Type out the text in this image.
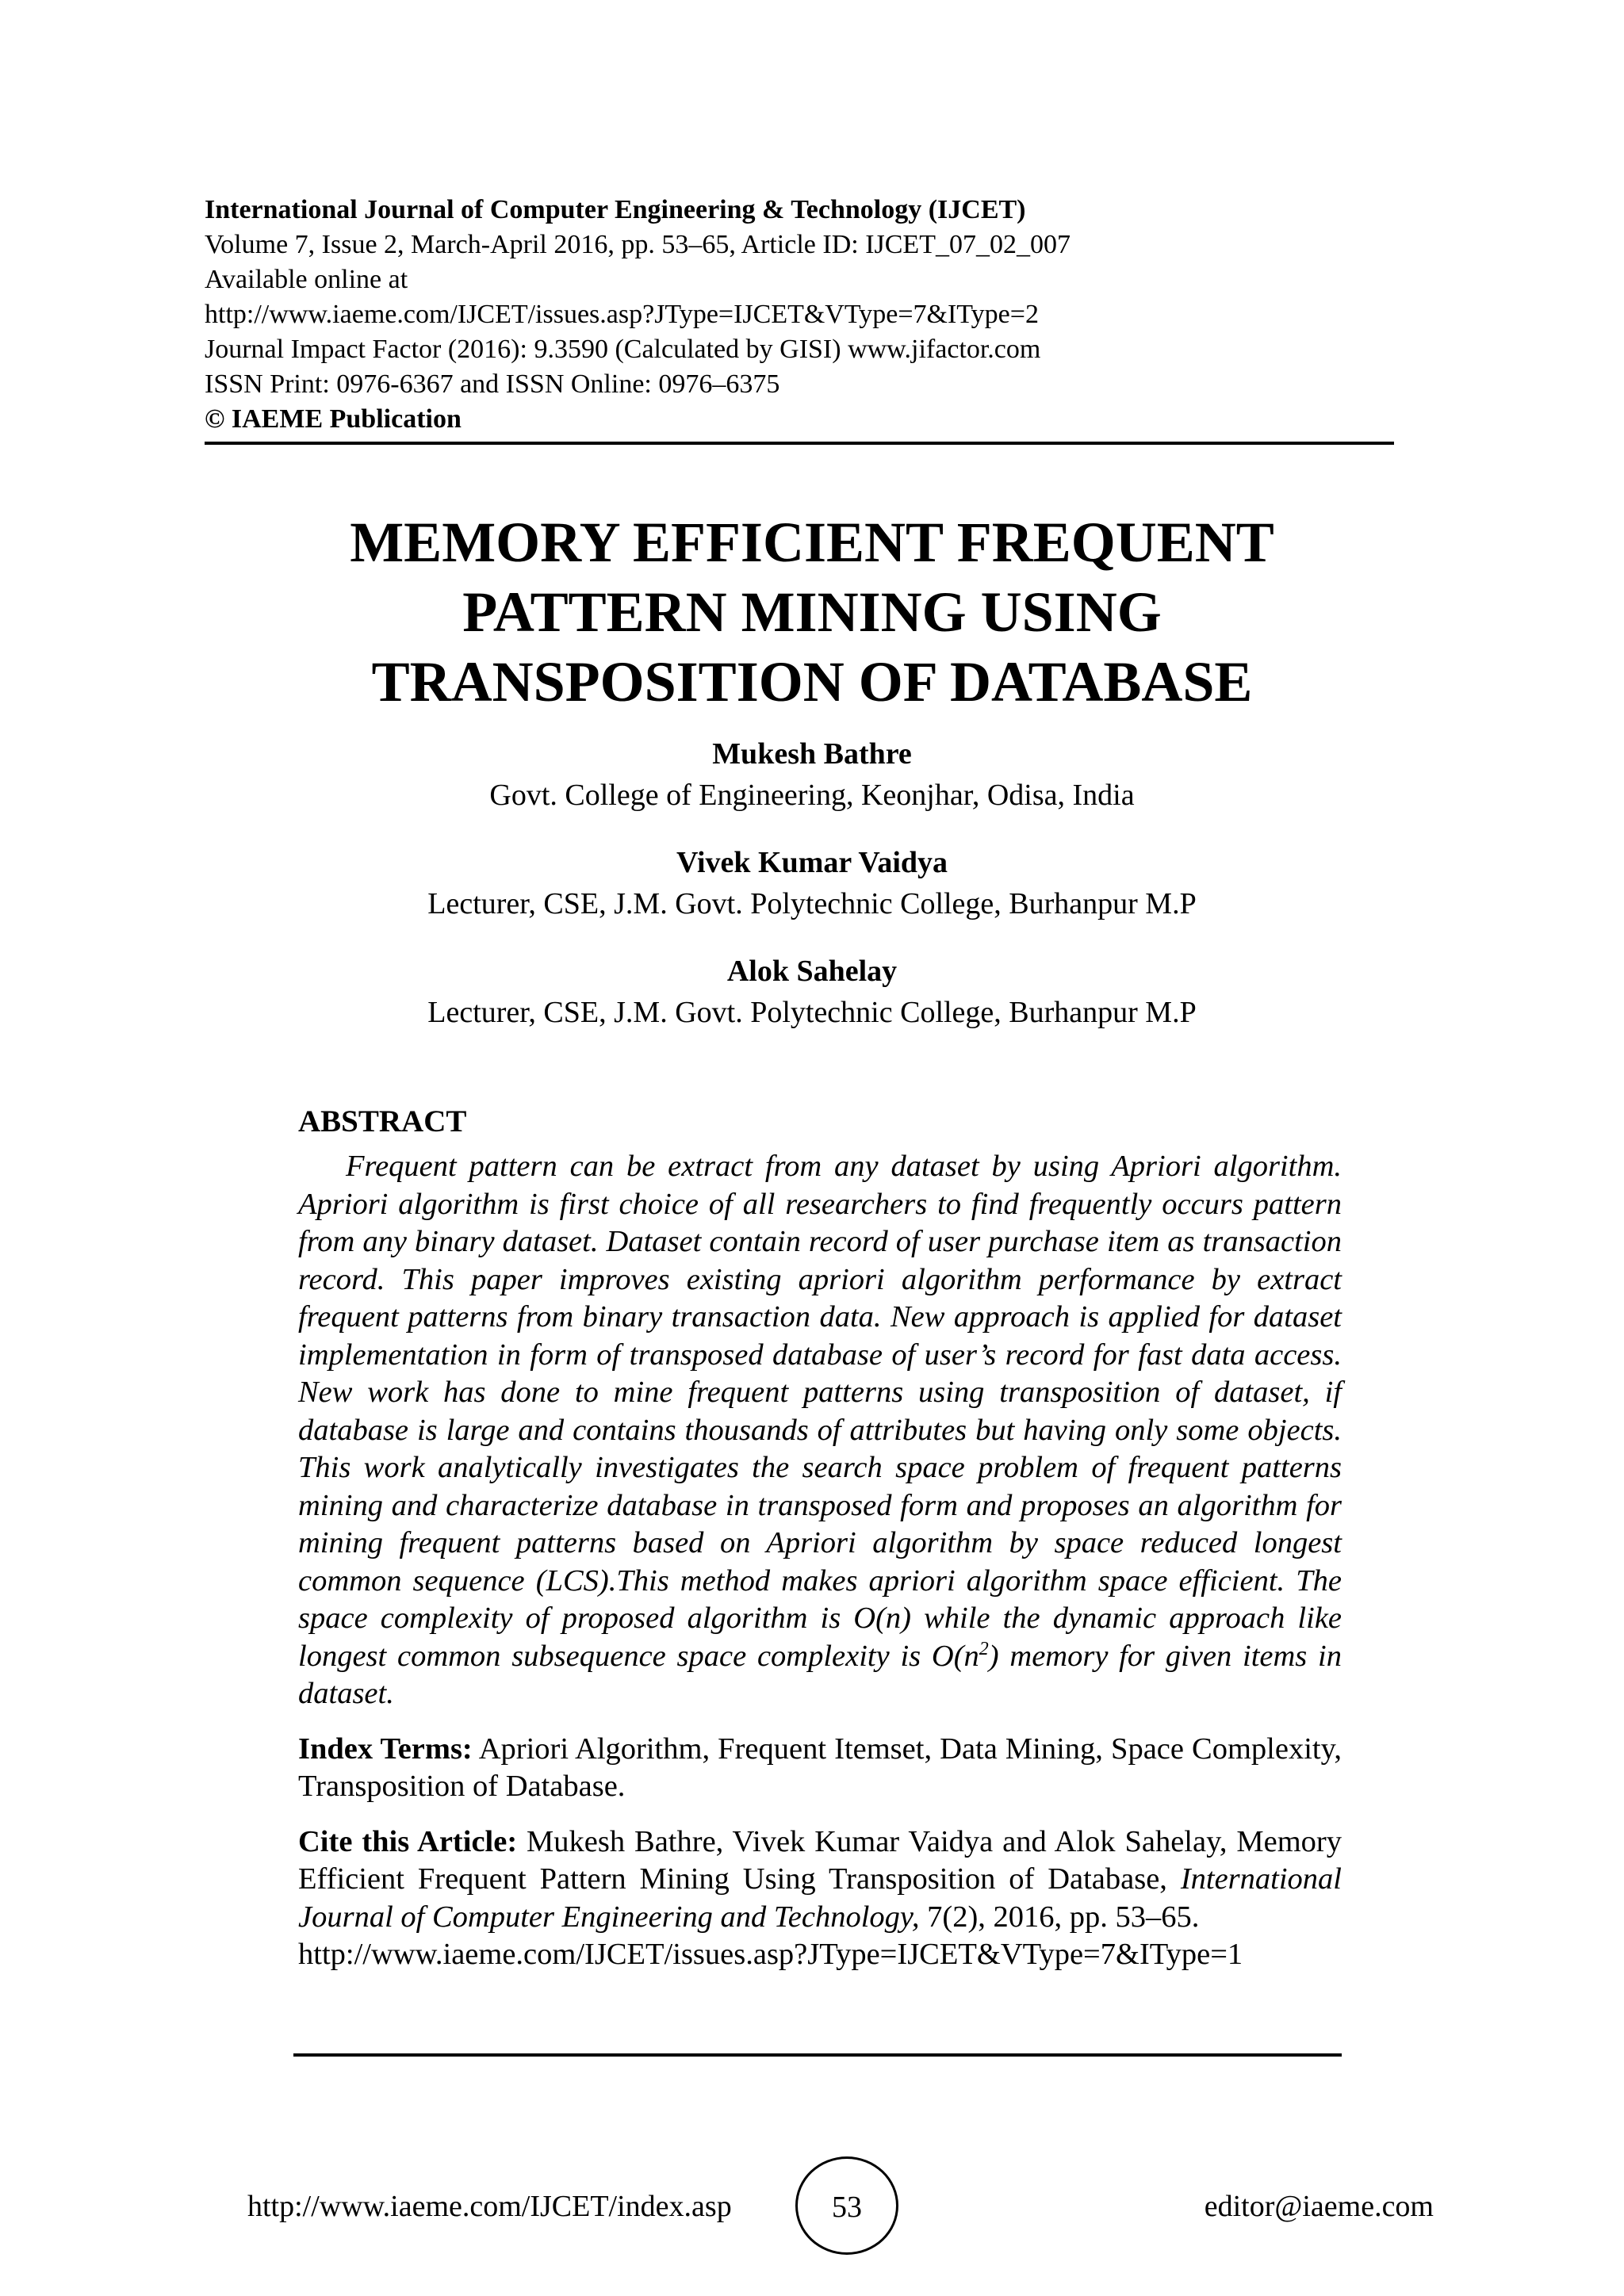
International Journal of Computer Engineering & Technology (IJCET)
Volume 7, Issue 2, March-April 2016, pp. 53–65, Article ID: IJCET_07_02_007
Available online at
http://www.iaeme.com/IJCET/issues.asp?JType=IJCET&VType=7&IType=2
Journal Impact Factor (2016): 9.3590 (Calculated by GISI) www.jifactor.com
ISSN Print: 0976-6367 and ISSN Online: 0976–6375
© IAEME Publication
MEMORY EFFICIENT FREQUENT
PATTERN MINING USING
TRANSPOSITION OF DATABASE
Mukesh Bathre
Govt. College of Engineering, Keonjhar, Odisa, India
Vivek Kumar Vaidya
Lecturer, CSE, J.M. Govt. Polytechnic College, Burhanpur M.P
Alok Sahelay
Lecturer, CSE, J.M. Govt. Polytechnic College, Burhanpur M.P
ABSTRACT

Frequent pattern can be extract from any dataset by using Apriori algorithm. Apriori algorithm is first choice of all researchers to find frequently occurs pattern from any binary dataset. Dataset contain record of user purchase item as transaction record. This paper improves existing apriori algorithm performance by extract frequent patterns from binary transaction data. New approach is applied for dataset implementation in form of transposed database of user’s record for fast data access. New work has done to mine frequent patterns using transposition of dataset, if database is large and contains thousands of attributes but having only some objects. This work analytically investigates the search space problem of frequent patterns mining and characterize database in transposed form and proposes an algorithm for mining frequent patterns based on Apriori algorithm by space reduced longest common sequence (LCS).This method makes apriori algorithm space efficient. The space complexity of proposed algorithm is O(n) while the dynamic approach like longest common subsequence space complexity is $O(n^2)$ memory for given items in dataset.

Index Terms: Apriori Algorithm, Frequent Itemset, Data Mining, Space Complexity, Transposition of Database.

Cite this Article: Mukesh Bathre, Vivek Kumar Vaidya and Alok Sahelay, Memory Efficient Frequent Pattern Mining Using Transposition of Database, International Journal of Computer Engineering and Technology, 7(2), 2016, pp. 53–65.
http://www.iaeme.com/IJCET/issues.asp?JType=IJCET&VType=7&IType=1

http://www.iaeme.com/IJCET/index.asp	53	editor@iaeme.com
